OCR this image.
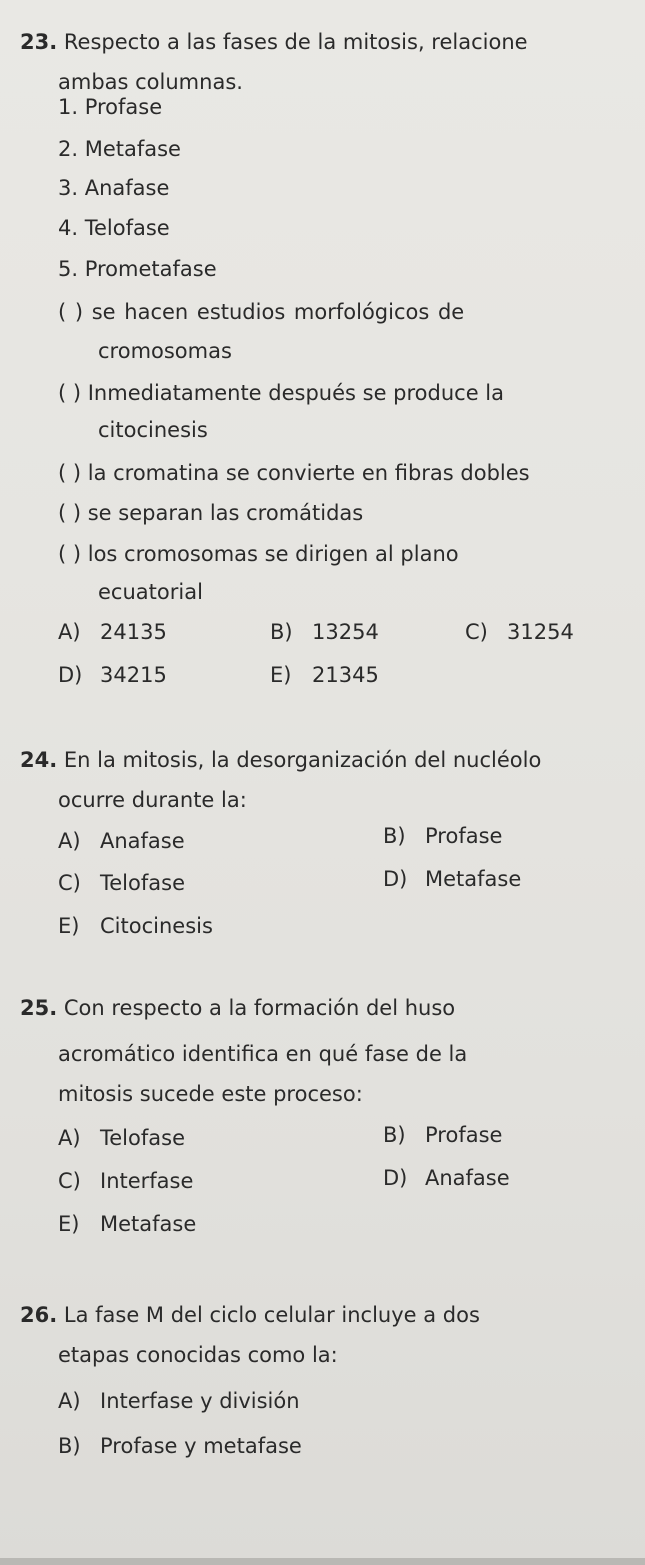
23. Respecto a las fases de la mitosis, relacione
ambas columnas.
1. Profase
2. Metafase
3. Anafase
4. Telofase
5. Prometafase
( ) se hacen estudios morfológicos de
cromosomas
( ) Inmediatamente después se produce la
citocinesis
( ) la cromatina se convierte en fibras dobles
( ) se separan las cromátidas
( ) los cromosomas se dirigen al plano
ecuatorial
A) 24135	B) 13254	C) 31254
D) 34215	E) 21345
24. En la mitosis, la desorganización del nucléolo
ocurre durante la:
A) Anafase	B) Profase
C) Telofase	D) Metafase
E) Citocinesis
25. Con respecto a la formación del huso
acromático identifica en qué fase de la
mitosis sucede este proceso:
A) Telofase	B) Profase
C) Interfase	D) Anafase
E) Metafase
26. La fase M del ciclo celular incluye a dos
etapas conocidas como la:
A) Interfase y división
B) Profase y metafase
